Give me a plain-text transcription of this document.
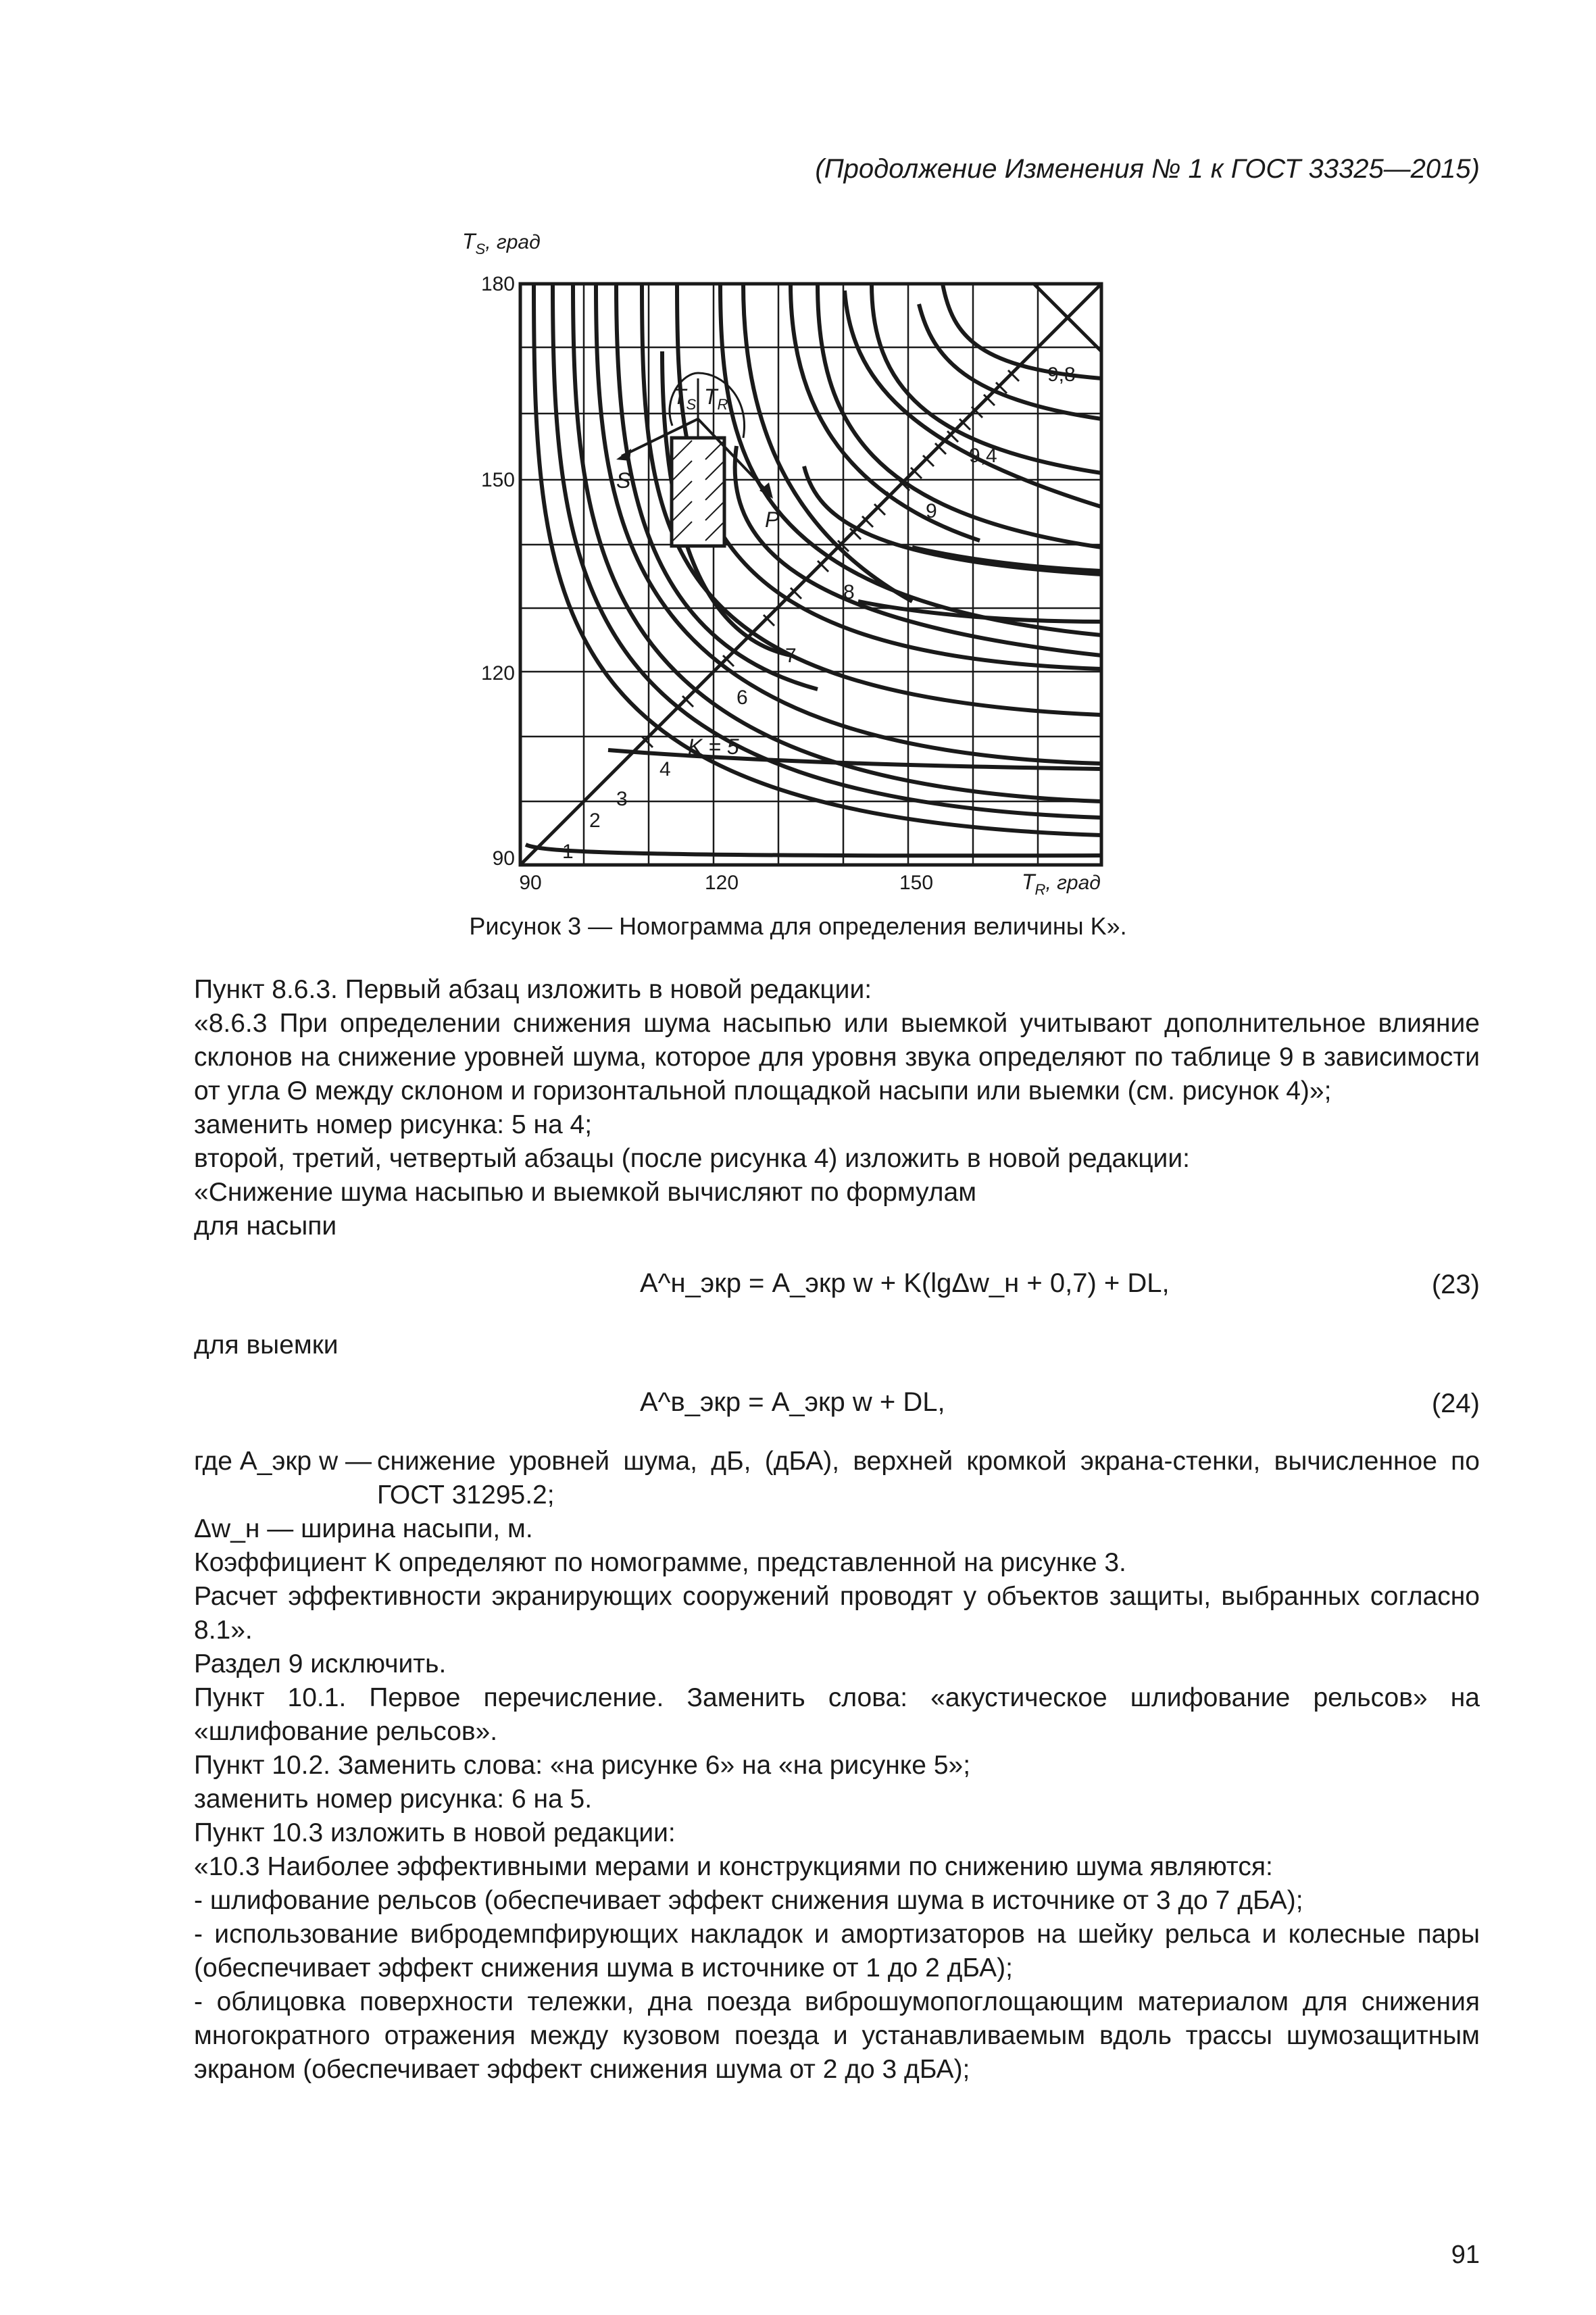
(Продолжение Изменения № 1 к ГОСТ 33325—2015)
$T_S$, град
$T_S$ $T_R$
S
P
1
2
3
4
K = 5
6
7
8
9
9,4
9,8
180
150
120
90
90	120	150	$T_R$, град
Рисунок 3 — Номограмма для определения величины K».

Пункт 8.6.3. Первый абзац изложить в новой редакции:

«8.6.3 При определении снижения шума насыпью или выемкой учитывают дополнительное влияние склонов на снижение уровней шума, которое для уровня звука определяют по таблице 9 в зависимости от угла Θ между склоном и горизонтальной площадкой насыпи или выемки (см. рисунок 4)»;

заменить номер рисунка: 5 на 4;

второй, третий, четвертый абзацы (после рисунка 4) изложить в новой редакции:

«Снижение шума насыпью и выемкой вычисляют по формулам

для насыпи

A^н_экр = A_экр w + K(lgΔw_н + 0,7) + DL,	(23)

для выемки

A^в_экр = A_экр w + DL,	(24)
где A_экр w — снижение уровней шума, дБ, (дБА), верхней кромкой экрана-стенки, вычисленное по ГОСТ 31295.2;

Δw_н — ширина насыпи, м.

Коэффициент K определяют по номограмме, представленной на рисунке 3.

Расчет эффективности экранирующих сооружений проводят у объектов защиты, выбранных согласно 8.1».

Раздел 9 исключить.

Пункт 10.1. Первое перечисление. Заменить слова: «акустическое шлифование рельсов» на «шлифование рельсов».

Пункт 10.2. Заменить слова: «на рисунке 6» на «на рисунке 5»;

заменить номер рисунка: 6 на 5.

Пункт 10.3 изложить в новой редакции:

«10.3 Наиболее эффективными мерами и конструкциями по снижению шума являются:

- шлифование рельсов (обеспечивает эффект снижения шума в источнике от 3 до 7 дБА);

- использование вибродемпфирующих накладок и амортизаторов на шейку рельса и колесные пары (обеспечивает эффект снижения шума в источнике от 1 до 2 дБА);

- облицовка поверхности тележки, дна поезда виброшумопоглощающим материалом для снижения многократного отражения между кузовом поезда и устанавливаемым вдоль трассы шумозащитным экраном (обеспечивает эффект снижения шума от 2 до 3 дБА);

91
